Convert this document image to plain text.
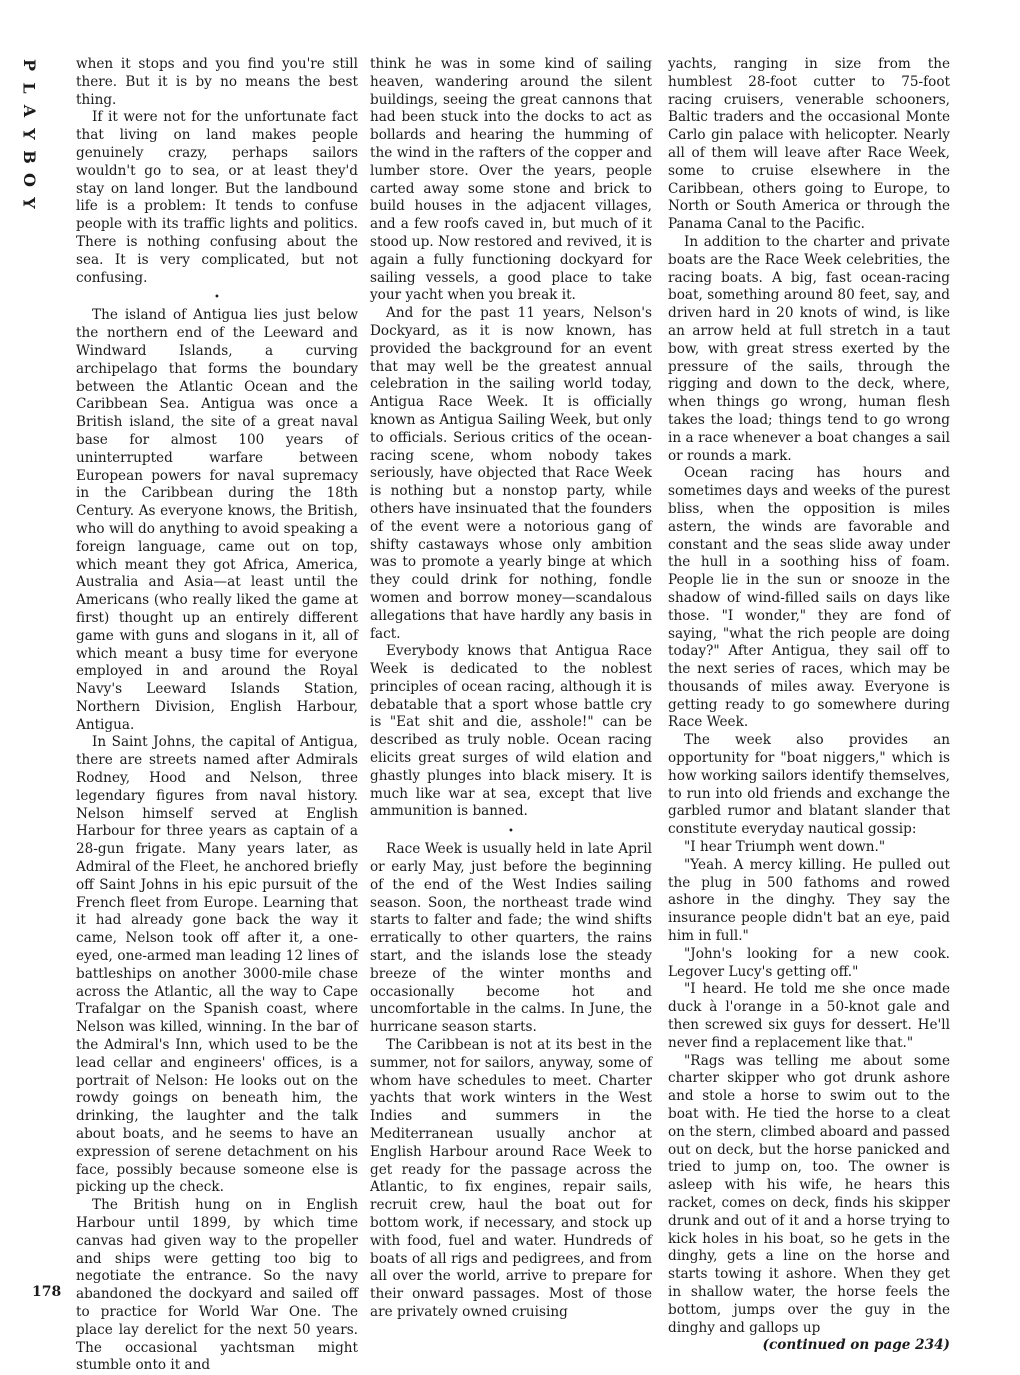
P
L
A
Y
B
O
Y

when it stops and you find you're still there. But it is by no means the best thing.

If it were not for the unfortunate fact that living on land makes people genuinely crazy, perhaps sailors wouldn't go to sea, or at least they'd stay on land longer. But the landbound life is a problem: It tends to confuse people with its traffic lights and politics. There is nothing confusing about the sea. It is very complicated, but not confusing.

•

The island of Antigua lies just below the northern end of the Leeward and Windward Islands, a curving archipelago that forms the boundary between the Atlantic Ocean and the Caribbean Sea. Antigua was once a British island, the site of a great naval base for almost 100 years of uninterrupted warfare between European powers for naval supremacy in the Caribbean during the 18th Century. As everyone knows, the British, who will do anything to avoid speaking a foreign language, came out on top, which meant they got Africa, America, Australia and Asia—at least until the Americans (who really liked the game at first) thought up an entirely different game with guns and slogans in it, all of which meant a busy time for everyone employed in and around the Royal Navy's Leeward Islands Station, Northern Division, English Harbour, Antigua.

In Saint Johns, the capital of Antigua, there are streets named after Admirals Rodney, Hood and Nelson, three legendary figures from naval history. Nelson himself served at English Harbour for three years as captain of a 28-gun frigate. Many years later, as Admiral of the Fleet, he anchored briefly off Saint Johns in his epic pursuit of the French fleet from Europe. Learning that it had already gone back the way it came, Nelson took off after it, a one-eyed, one-armed man leading 12 lines of battleships on another 3000-mile chase across the Atlantic, all the way to Cape Trafalgar on the Spanish coast, where Nelson was killed, winning. In the bar of the Admiral's Inn, which used to be the lead cellar and engineers' offices, is a portrait of Nelson: He looks out on the rowdy goings on beneath him, the drinking, the laughter and the talk about boats, and he seems to have an expression of serene detachment on his face, possibly because someone else is picking up the check.

The British hung on in English Harbour until 1899, by which time canvas had given way to the propeller and ships were getting too big to negotiate the entrance. So the navy abandoned the dockyard and sailed off to practice for World War One. The place lay derelict for the next 50 years. The occasional yachtsman might stumble onto it and

think he was in some kind of sailing heaven, wandering around the silent buildings, seeing the great cannons that had been stuck into the docks to act as bollards and hearing the humming of the wind in the rafters of the copper and lumber store. Over the years, people carted away some stone and brick to build houses in the adjacent villages, and a few roofs caved in, but much of it stood up. Now restored and revived, it is again a fully functioning dockyard for sailing vessels, a good place to take your yacht when you break it.

And for the past 11 years, Nelson's Dockyard, as it is now known, has provided the background for an event that may well be the greatest annual celebration in the sailing world today, Antigua Race Week. It is officially known as Antigua Sailing Week, but only to officials. Serious critics of the ocean-racing scene, whom nobody takes seriously, have objected that Race Week is nothing but a nonstop party, while others have insinuated that the founders of the event were a notorious gang of shifty castaways whose only ambition was to promote a yearly binge at which they could drink for nothing, fondle women and borrow money—scandalous allegations that have hardly any basis in fact.

Everybody knows that Antigua Race Week is dedicated to the noblest principles of ocean racing, although it is debatable that a sport whose battle cry is "Eat shit and die, asshole!" can be described as truly noble. Ocean racing elicits great surges of wild elation and ghastly plunges into black misery. It is much like war at sea, except that live ammunition is banned.

•

Race Week is usually held in late April or early May, just before the beginning of the end of the West Indies sailing season. Soon, the northeast trade wind starts to falter and fade; the wind shifts erratically to other quarters, the rains start, and the islands lose the steady breeze of the winter months and occasionally become hot and uncomfortable in the calms. In June, the hurricane season starts.

The Caribbean is not at its best in the summer, not for sailors, anyway, some of whom have schedules to meet. Charter yachts that work winters in the West Indies and summers in the Mediterranean usually anchor at English Harbour around Race Week to get ready for the passage across the Atlantic, to fix engines, repair sails, recruit crew, haul the boat out for bottom work, if necessary, and stock up with food, fuel and water. Hundreds of boats of all rigs and pedigrees, and from all over the world, arrive to prepare for their onward passages. Most of those are privately owned cruising

yachts, ranging in size from the humblest 28-foot cutter to 75-foot racing cruisers, venerable schooners, Baltic traders and the occasional Monte Carlo gin palace with helicopter. Nearly all of them will leave after Race Week, some to cruise elsewhere in the Caribbean, others going to Europe, to North or South America or through the Panama Canal to the Pacific.

In addition to the charter and private boats are the Race Week celebrities, the racing boats. A big, fast ocean-racing boat, something around 80 feet, say, and driven hard in 20 knots of wind, is like an arrow held at full stretch in a taut bow, with great stress exerted by the pressure of the sails, through the rigging and down to the deck, where, when things go wrong, human flesh takes the load; things tend to go wrong in a race whenever a boat changes a sail or rounds a mark.

Ocean racing has hours and sometimes days and weeks of the purest bliss, when the opposition is miles astern, the winds are favorable and constant and the seas slide away under the hull in a soothing hiss of foam. People lie in the sun or snooze in the shadow of wind-filled sails on days like those. "I wonder," they are fond of saying, "what the rich people are doing today?" After Antigua, they sail off to the next series of races, which may be thousands of miles away. Everyone is getting ready to go somewhere during Race Week.

The week also provides an opportunity for "boat niggers," which is how working sailors identify themselves, to run into old friends and exchange the garbled rumor and blatant slander that constitute everyday nautical gossip:

"I hear Triumph went down."

"Yeah. A mercy killing. He pulled out the plug in 500 fathoms and rowed ashore in the dinghy. They say the insurance people didn't bat an eye, paid him in full."

"John's looking for a new cook. Legover Lucy's getting off."

"I heard. He told me she once made duck à l'orange in a 50-knot gale and then screwed six guys for dessert. He'll never find a replacement like that."

"Rags was telling me about some charter skipper who got drunk ashore and stole a horse to swim out to the boat with. He tied the horse to a cleat on the stern, climbed aboard and passed out on deck, but the horse panicked and tried to jump on, too. The owner is asleep with his wife, he hears this racket, comes on deck, finds his skipper drunk and out of it and a horse trying to kick holes in his boat, so he gets in the dinghy, gets a line on the horse and starts towing it ashore. When they get in shallow water, the horse feels the bottom, jumps over the guy in the dinghy and gallops up

(continued on page 234)

178
